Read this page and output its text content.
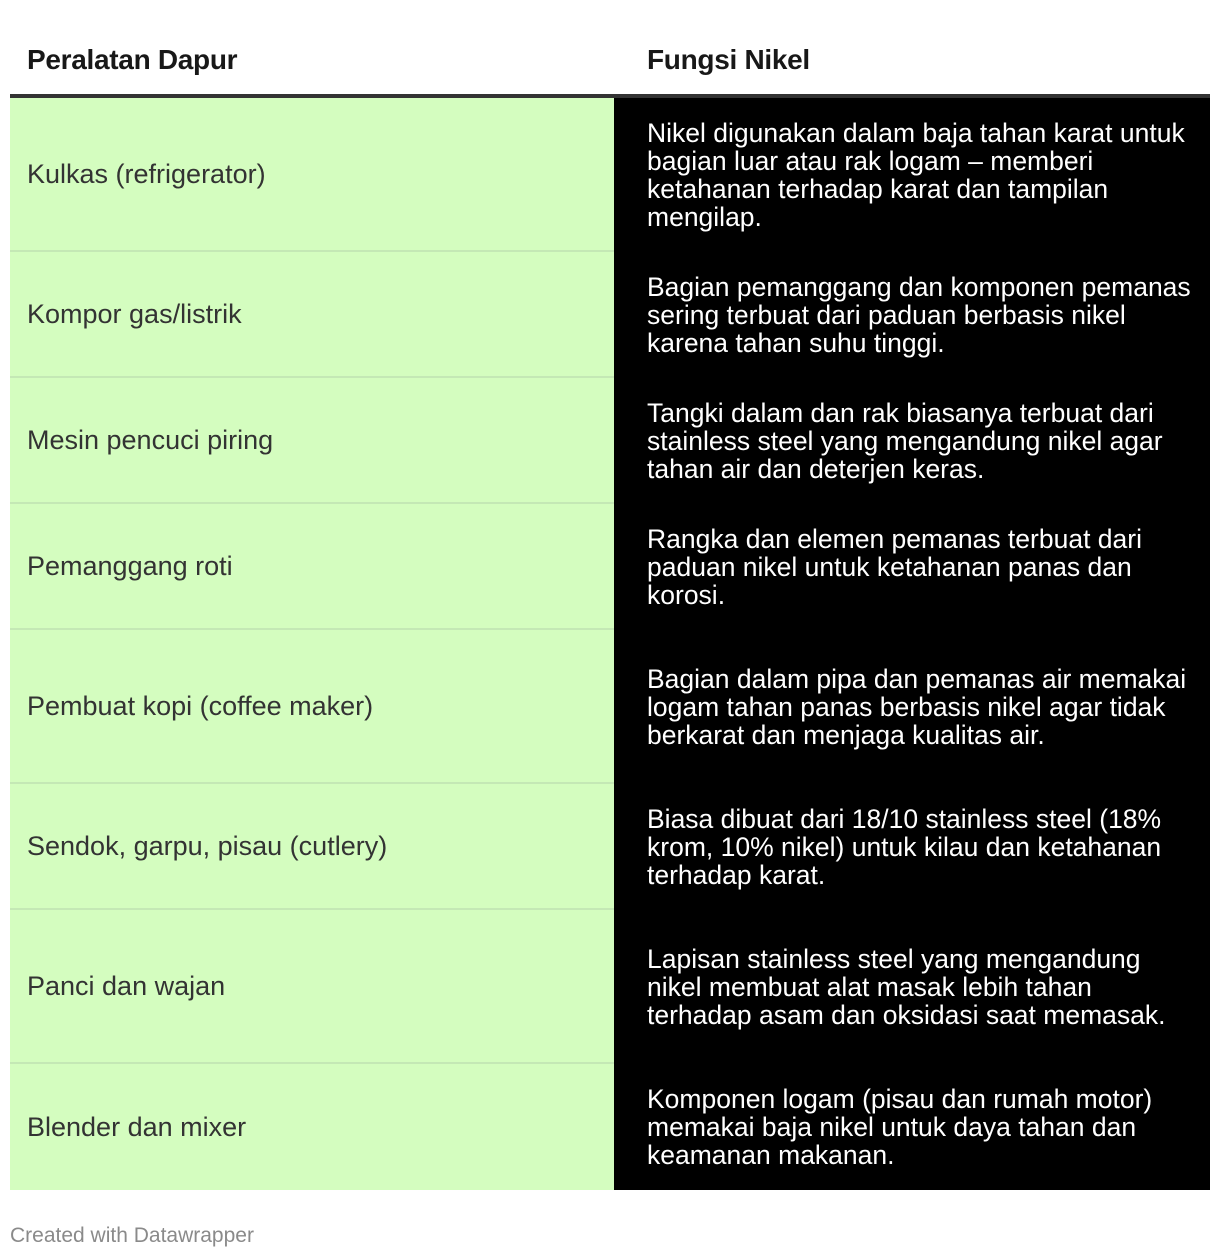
Peralatan Dapur	Fungsi Nikel
Kulkas (refrigerator)
Nikel digunakan dalam baja tahan karat untuk bagian luar atau rak logam – memberi ketahanan terhadap karat dan tampilan mengilap.
Kompor gas/listrik
Bagian pemanggang dan komponen pemanas sering terbuat dari paduan berbasis nikel karena tahan suhu tinggi.
Mesin pencuci piring
Tangki dalam dan rak biasanya terbuat dari stainless steel yang mengandung nikel agar tahan air dan deterjen keras.
Pemanggang roti
Rangka dan elemen pemanas terbuat dari paduan nikel untuk ketahanan panas dan korosi.
Pembuat kopi (coffee maker)
Bagian dalam pipa dan pemanas air memakai logam tahan panas berbasis nikel agar tidak berkarat dan menjaga kualitas air.
Sendok, garpu, pisau (cutlery)
Biasa dibuat dari 18/10 stainless steel (18% krom, 10% nikel) untuk kilau dan ketahanan terhadap karat.
Panci dan wajan
Lapisan stainless steel yang mengandung nikel membuat alat masak lebih tahan terhadap asam dan oksidasi saat memasak.
Blender dan mixer
Komponen logam (pisau dan rumah motor) memakai baja nikel untuk daya tahan dan keamanan makanan.
Created with Datawrapper
